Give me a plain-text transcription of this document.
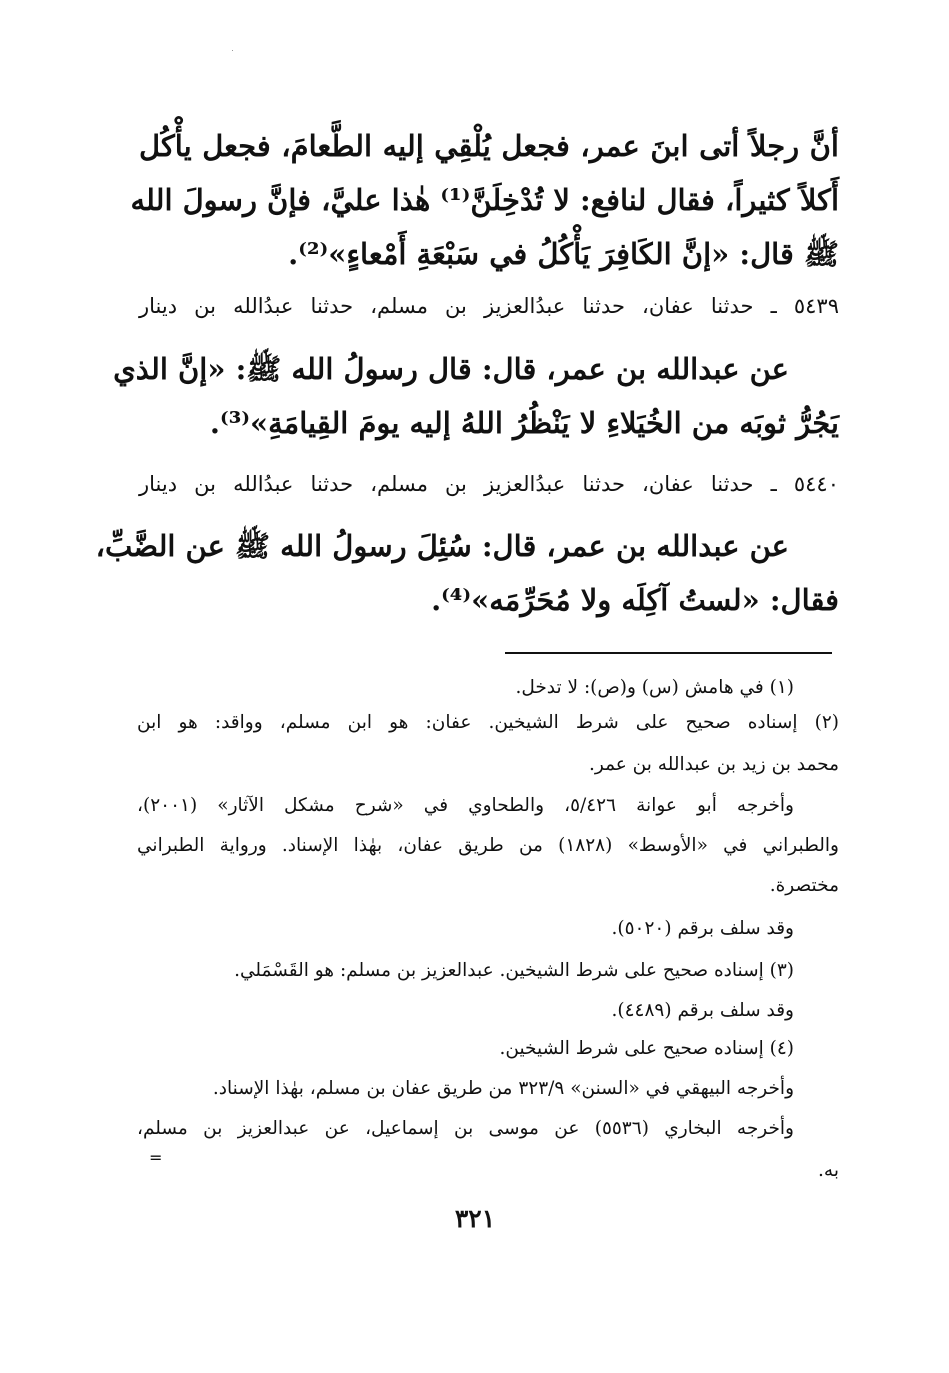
أنَّ رجلاً أتى ابنَ عمر، فجعل يُلْقِي إليه الطَّعامَ، فجعل يأْكُل
أَكلاً كثيراً، فقال لنافع: لا تُدْخِلَنَّ⁽¹⁾ هٰذا عليَّ، فإنَّ رسولَ الله
ﷺ قال: «إنَّ الكَافِرَ يَأْكُلُ في سَبْعَةِ أَمْعاءٍ»⁽²⁾.
٥٤٣٩ ـ حدثنا عفان، حدثنا عبدُالعزيز بن مسلم، حدثنا عبدُالله بن دينار
عن عبدالله بن عمر، قال: قال رسولُ الله ﷺ: «إنَّ الذي
يَجُرُّ ثوبَه من الخُيَلاءِ لا يَنْظُرُ اللهُ إليه يومَ القِيامَةِ»⁽³⁾.
٥٤٤٠ ـ حدثنا عفان، حدثنا عبدُالعزيز بن مسلم، حدثنا عبدُالله بن دينار
عن عبدالله بن عمر، قال: سُئِلَ رسولُ الله ﷺ عن الضَّبِّ،
فقال: «لستُ آكِلَه ولا مُحَرِّمَه»⁽⁴⁾.
(١) في هامش (س) و(ص): لا تدخل.
(٢) إسناده صحيح على شرط الشيخين. عفان: هو ابن مسلم، وواقد: هو ابن
محمد بن زيد بن عبدالله بن عمر.
وأخرجه أبو عوانة ٥/٤٢٦، والطحاوي في «شرح مشكل الآثار» (٢٠٠١)،
والطبراني في «الأوسط» (١٨٢٨) من طريق عفان، بهٰذا الإسناد. ورواية الطبراني
مختصرة.
وقد سلف برقم (٥٠٢٠).
(٣) إسناده صحيح على شرط الشيخين. عبدالعزيز بن مسلم: هو القَسْمَلي.
وقد سلف برقم (٤٤٨٩).
(٤) إسناده صحيح على شرط الشيخين.
وأخرجه البيهقي في «السنن» ٣٢٣/٩ من طريق عفان بن مسلم، بهٰذا الإسناد.
وأخرجه البخاري (٥٥٣٦) عن موسى بن إسماعيل، عن عبدالعزيز بن مسلم،
=
به.
٣٢١
